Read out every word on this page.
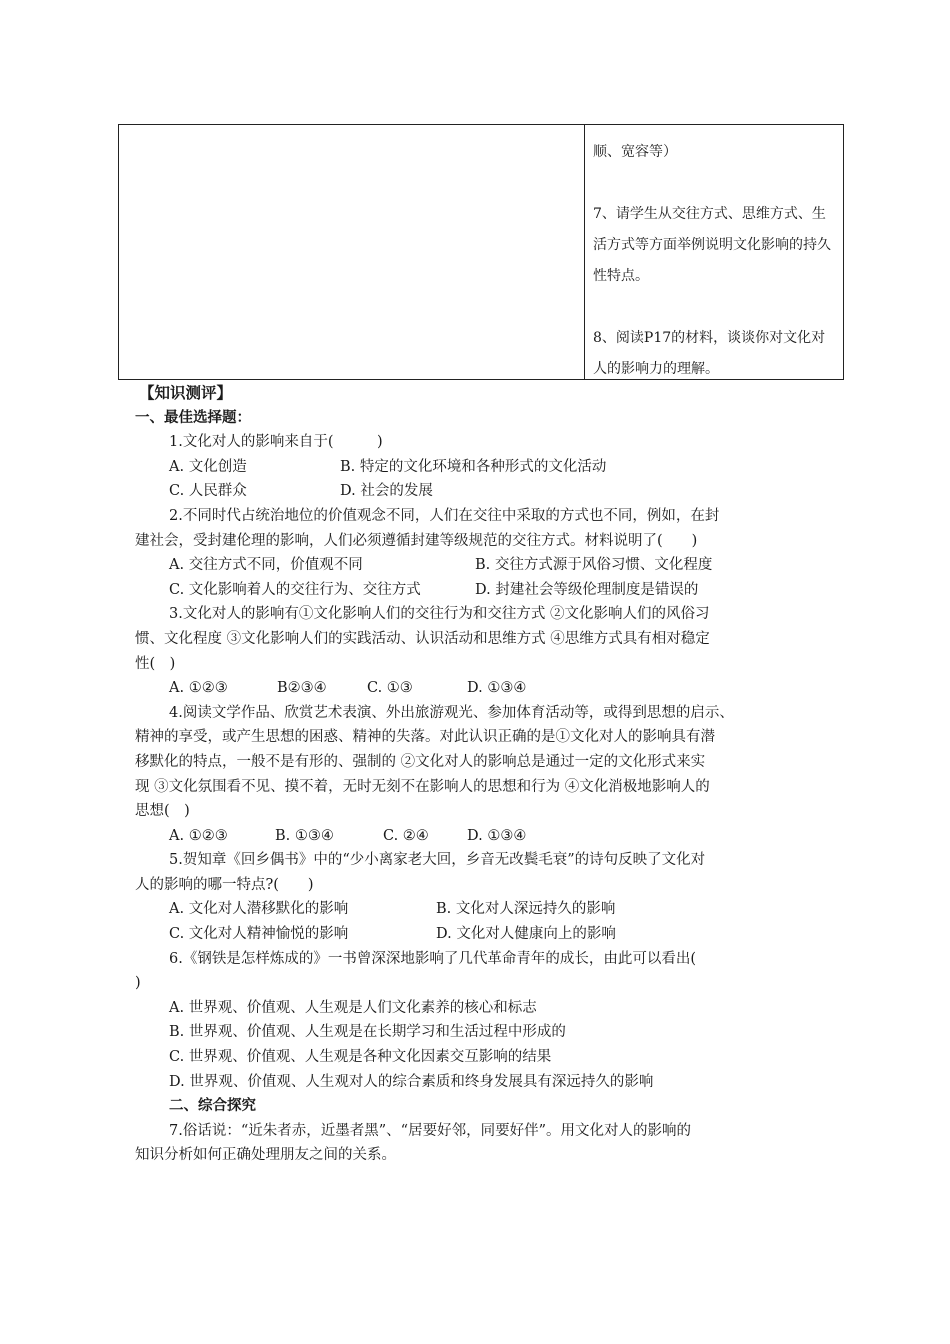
顺、宽容等）

7、请学生从交往方式、思维方式、生活方式等方面举例说明文化影响的持久性特点。

8、阅读P17的材料，谈谈你对文化对人的影响力的理解。

【知识测评】
一、最佳选择题：
1.文化对人的影响来自于(　　　)
A. 文化创造	B. 特定的文化环境和各种形式的文化活动
C. 人民群众	D. 社会的发展
2.不同时代占统治地位的价值观念不同，人们在交往中采取的方式也不同，例如，在封
建社会，受封建伦理的影响，人们必须遵循封建等级规范的交往方式。材料说明了(　　)
A. 交往方式不同，价值观不同	B. 交往方式源于风俗习惯、文化程度
C. 文化影响着人的交往行为、交往方式	D. 封建社会等级伦理制度是错误的
3.文化对人的影响有①文化影响人们的交往行为和交往方式 ②文化影响人们的风俗习
惯、文化程度 ③文化影响人们的实践活动、认识活动和思维方式 ④思维方式具有相对稳定
性(　)
A. ①②③	B②③④	C. ①③	D. ①③④
4.阅读文学作品、欣赏艺术表演、外出旅游观光、参加体育活动等，或得到思想的启示、
精神的享受，或产生思想的困惑、精神的失落。对此认识正确的是①文化对人的影响具有潜
移默化的特点，一般不是有形的、强制的 ②文化对人的影响总是通过一定的文化形式来实
现 ③文化氛围看不见、摸不着，无时无刻不在影响人的思想和行为 ④文化消极地影响人的
思想(　)
A. ①②③	B. ①③④	C. ②④	D. ①③④
5.贺知章《回乡偶书》中的“少小离家老大回，乡音无改鬓毛衰”的诗句反映了文化对
人的影响的哪一特点?(　　)
A. 文化对人潜移默化的影响	B. 文化对人深远持久的影响
C. 文化对人精神愉悦的影响	D. 文化对人健康向上的影响
6.《钢铁是怎样炼成的》一书曾深深地影响了几代革命青年的成长，由此可以看出(
)
A. 世界观、价值观、人生观是人们文化素养的核心和标志
B. 世界观、价值观、人生观是在长期学习和生活过程中形成的
C. 世界观、价值观、人生观是各种文化因素交互影响的结果
D. 世界观、价值观、人生观对人的综合素质和终身发展具有深远持久的影响
二、综合探究
7.俗话说：“近朱者赤，近墨者黑”、“居要好邻，同要好伴”。用文化对人的影响的
知识分析如何正确处理朋友之间的关系。
